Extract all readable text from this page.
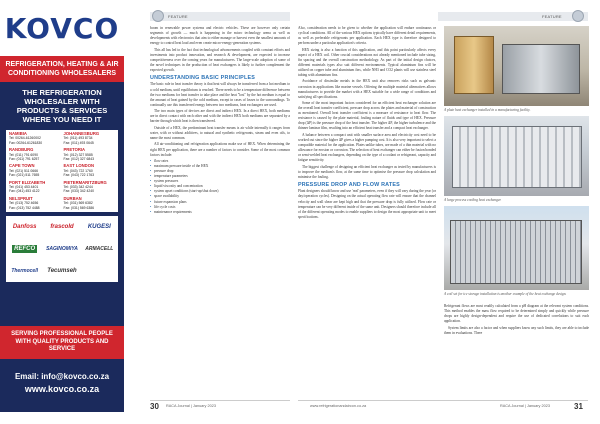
KOVCO
REFRIGERATION, HEATING & AIR CONDITIONING WHOLESALERS
THE REFRIGERATION WHOLESALER WITH PRODUCTS & SERVICES WHERE YOU NEED IT
NAMIBIA
Tel: 00264-61260002
Fax: 00264-61261830
JOHANNESBURG
Tel: (011) 493 8734
Fax: (011) 493 0645
RANDBURG
Tel: (011) 791 6090
Fax: (011) 791 6257
PRETORIA
Tel: (012) 327 5585
Fax: (012) 327 6843
CAPE TOWN
Tel: (021) 511 0666
Fax: (021) 511 7655
EAST LONDON
Tel: (043) 722 1760
Fax: (043) 722 1763
PORT ELIZABETH
Tel: (041) 453 4401
Fax: (041) 453 4122
PIETERMARITZBURG
Tel: (033) 342 4244
Fax: (033) 342 4240
NELSPRUIT
Tel: (013) 752 4656
Fax: (013) 752 4488
DURBAN
Tel: (031) 569 6382
Fax: (031) 569 6386
Danfoss frascold KUGESI
REFCO	SAGINOMIYA ARMACELL
Thermocell Tecumseh
SERVING PROFESSIONAL PEOPLE WITH QUALITY PRODUCTS AND SERVICE
Email: info@kovco.co.za
www.kovco.co.za
FEATURE	FEATURE

boom in renewable power systems and electric vehicles. These are however only certain segments of growth — much is happening in the micro technology arena as well as developments with electronics that aim to either manage or harvest even the smallest amounts of energy to control heat load and even create micro-energy-generation systems.

This all has led to the fact that technological advancements coupled with constant efforts and investments into product innovation, and research & development, are expected to increase competitiveness over the coming years for manufacturers. The large-scale adoption of some of the novel techniques in the production of heat exchangers is likely to further complement the expected growth.

UNDERSTANDING BASIC PRINCIPLES

The basic rule in heat transfer theory is that heat will always be transferred from a hot medium to a cold medium, until equilibrium is reached. There needs to be a temperature difference between the two mediums for heat transfer to take place and the heat "lost" by the hot medium is equal to the amount of heat gained by the cold medium, except in cases of losses to the surroundings. To continually use this transferred energy between two mediums, heat exchangers are used.

The two main types of devices are direct and indirect HEX. In a direct HEX, both mediums are in direct contact with each other and with the indirect HEX both mediums are separated by a barrier through which heat is then transferred.

Outside of a HEX, the predominant heat transfer means is air while internally it ranges from water, with or without additives, to natural and synthetic refrigerants, steam and even oils, to name the most common.

All air-conditioning and refrigeration applications make use of HEX. When determining the right HEX per application, there are a number of factors to consider. Some of the most common factors include:

• flow rates
• maximum pressure inside of the HEX
• pressure drop
• temperature parameters
• system pressures
• liquid viscosity and concentration
• system upset conditions (start-up/shut down)
• space availability
• future expansion plans
• life cycle costs
• maintenance requirements

Also, consideration needs to be given to whether the application will endure continuous or cyclical conditions. All of the various HEX options typically have different detail requirements, as well as preferable refrigerants per application. Each HEX type is therefore designed to perform under a particular application's criteria.

HEX sizing is also a function of this application, and this point particularly affects every aspect of a HEX coil. Other crucial considerations not already mentioned include tube sizing, fin spacing and the overall construction methodology. As part of the initial design choices, different materials types also suit different environments. Typical aluminium fins will be utilised on copper tube and aluminium fins, while NH3 and CO2 plants will use stainless steel tubing with aluminium fins.

Avoidance of dissimilar metals in the HEX unit also removes risks such as galvanic corrosion in applications like marine vessels. Offering the multiple material alternatives allows manufacturers to provide the market with a HEX suitable for a wide range of conditions and satisfying all specifications.

Some of the most important factors considered for an efficient heat exchanger solution are the overall heat transfer coefficient, pressure drop across the plates and material of construction as mentioned. Overall heat transfer coefficient is a measure of resistance to heat flow. The resistance is caused by the plate material, fouling nature of fluids and type of HEX. Pressure drop (ΔP) is the pressure drop of the heat transfer. The higher ΔP, the higher turbulence and the thinner laminar film, resulting into an efficient heat transfer and a compact heat exchanger.

A balance between a compact unit with smaller surface area and electricity cost need to be worked out since the higher ΔP gives a higher pumping cost. It is also very important to select a compatible material for the application. Plates unlike tubes, are made of a thin material with no allowance for erosion or corrosion. The selection of heat exchanger can either be fusion bonded or semi-welded heat exchangers, depending on the type of a coolant or refrigerant, capacity and fatigue sensitivity.

The biggest challenge of designing an efficient heat exchanger as tested by manufacturers is to improve the medium's flow, at the same time to optimise the pressure drop calculation and minimise the fouling.

PRESSURE DROP AND FLOW RATES

Plant designers should know and use 'real' parameters, even if they will vary during the year (or day/operation cycles). Designing on the actual operating flow rate will ensure that the channel velocity and wall shear are kept high and that the pressure drop is fully utilised. Flow rate or temperature can be very different inside of the same unit. Designers should therefore include all of the different operating modes to enable suppliers to design the most appropriate unit to meet specifications.

A plate heat exchanger installed in a manufacturing facility.
A large process cooling heat exchanger.
A coil set for ice storage installation is another example of the heat exchange design.

Refrigerant flows are most readily calculated from a pH diagram at the relevant system conditions. This method enables the mass flow required to be determined simply and quickly while pressure drops are highly design-dependent and require the use of dedicated correlations to suit each application.

System limits are also a factor and when suppliers know any such limits, they are able to include them in evaluations. There

30 RACA Journal | January 2023	www.refrigerationandaircon.co.za	RACA Journal | January 2023	31
